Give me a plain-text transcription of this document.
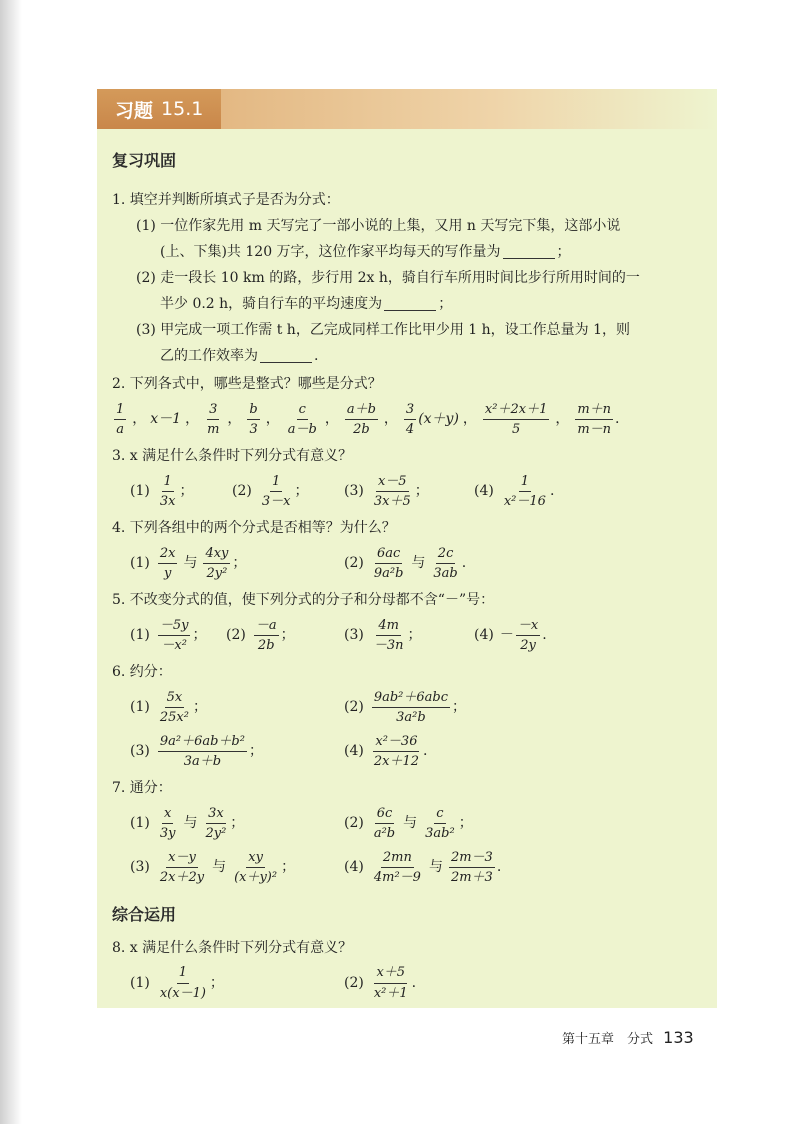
习题 15.1
复习巩固
1. 填空并判断所填式子是否为分式：
(1) 一位作家先用 m 天写完了一部小说的上集，又用 n 天写完下集，这部小说
(上、下集)共 120 万字，这位作家平均每天的写作量为	；
(2) 走一段长 10 km 的路，步行用 2x h，骑自行车所用时间比步行所用时间的一
半少 0.2 h，骑自行车的平均速度为	；
(3) 甲完成一项工作需 t h，乙完成同样工作比甲少用 1 h，设工作总量为 1，则
乙的工作效率为	.
2. 下列各式中，哪些是整式？哪些是分式？
$\frac{1}{a}$ ， x－1 ， $\frac{3}{m}$ ， $\frac{b}{3}$ ， $\frac{c}{a-b}$ ， $\frac{a+b}{2b}$ ， $\frac{3}{4} (x+y)$ ， $\frac{\text{x²＋2x＋1}}{5}$ ， $\frac{m+n}{m-n}$ .
3. x 满足什么条件时下列分式有意义？
$(1) \frac{1}{3x}$ ；	$(2) \frac{1}{3-x}$ ；	$(3) \frac{x-5}{3x+5}$ ；	$(4) \frac{1}{\text{x²－16}}$ .
4. 下列各组中的两个分式是否相等？为什么？
$(1) \frac{2x}{y}$ 与 $\frac{4xy}{\text{2y²}}$ ；	$(2) \frac{6ac}{\text{9a²b}}$ 与 $\frac{2c}{3ab}$ .
5. 不改变分式的值，使下列分式的分子和分母都不含“－”号：
$(1) \frac{-5y}{\text{－x²}}$ ； $(2) \frac{-a}{2b}$ ；	$(3) \frac{4m}{-3n}$ ；	$(4) - \frac{-x}{2y}$ .
6. 约分：
$(1) \frac{5x}{\text{25x²}}$ ；	$(2) \frac{\text{9ab²＋6abc}}{\text{3a²b}}$ ；
$(3) \frac{\text{9a²＋6ab＋b²}}{3a+b}$ ；	$(4) \frac{\text{x²－36}}{2x+12}$ .
7. 通分：
$(1) \frac{x}{3y}$ 与 $\frac{3x}{\text{2y²}}$ ；	$(2) \frac{6c}{\text{a²b}}$ 与 $\frac{c}{\text{3ab²}}$ ；
$(3) \frac{x-y}{2x+2y}$ 与 $\frac{xy}{\text{(x＋y)²}}$ ；	$(4) \frac{2mn}{\text{4m²－9}}$ 与 $\frac{2m-3}{2m+3}$ .
综合运用
8. x 满足什么条件时下列分式有意义？
$(1) \frac{1}{x(x-1)}$ ；	$(2) \frac{x+5}{\text{x²＋1}}$ .
第十五章　分式 133
